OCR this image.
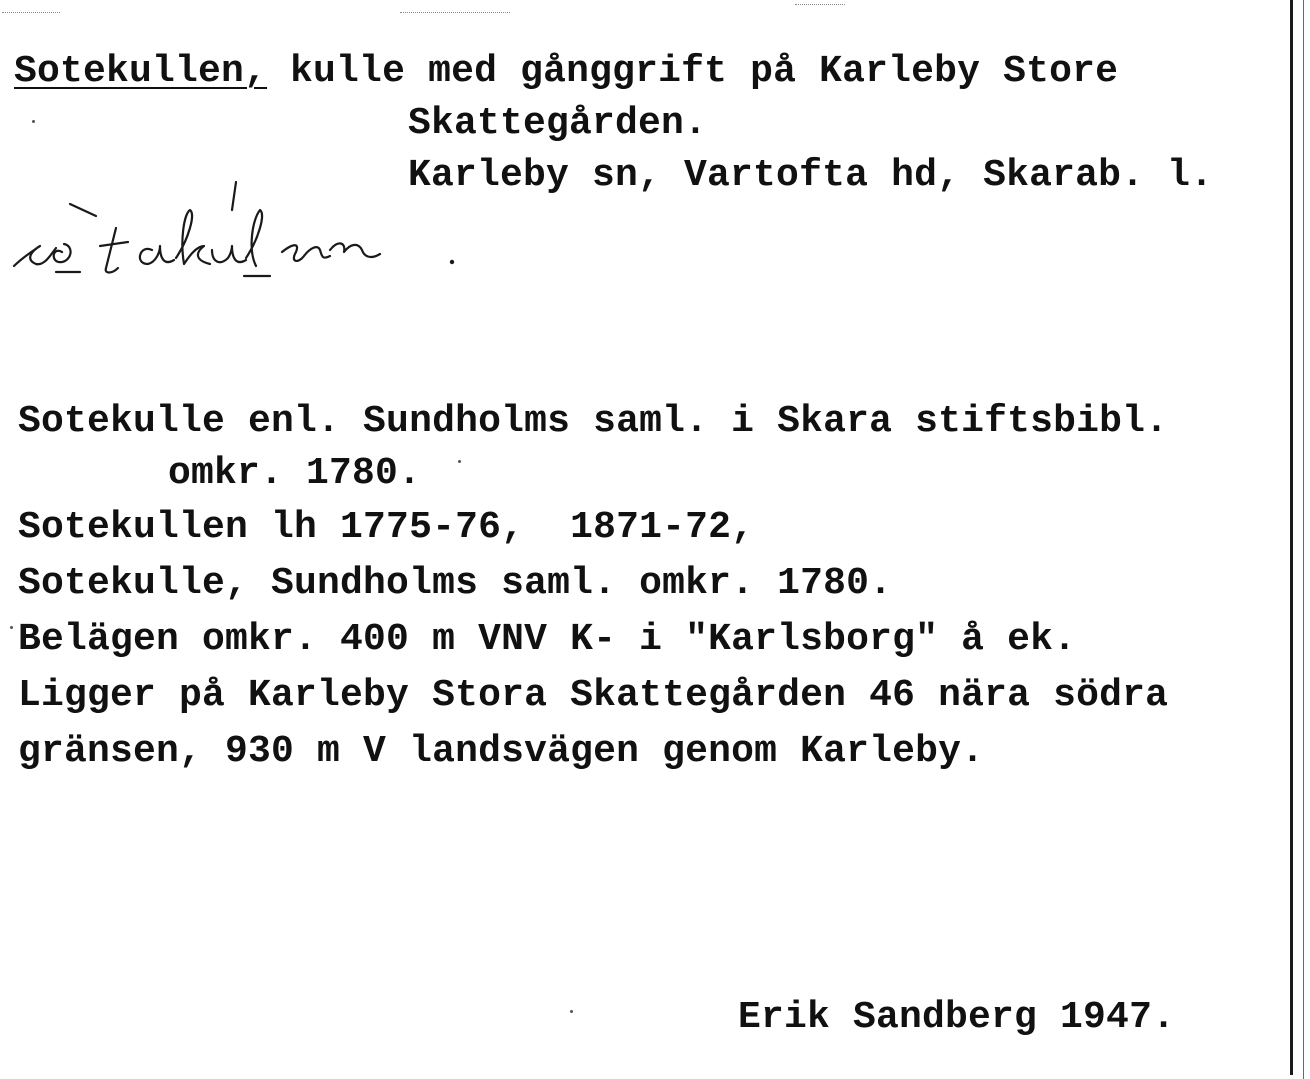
Sotekullen, kulle med gånggrift på Karleby Store
Skattegården.
Karleby sn, Vartofta hd, Skarab. l.
sòtakùlen.
Sotekulle enl. Sundholms saml. i Skara stiftsbibl.
omkr. 1780.
Sotekullen lh 1775-76,  1871-72,
Sotekulle, Sundholms saml. omkr. 1780.
Belägen omkr. 400 m VNV K- i "Karlsborg" å ek.
Ligger på Karleby Stora Skattegården 46 nära södra
gränsen, 930 m V landsvägen genom Karleby.
Erik Sandberg 1947.
